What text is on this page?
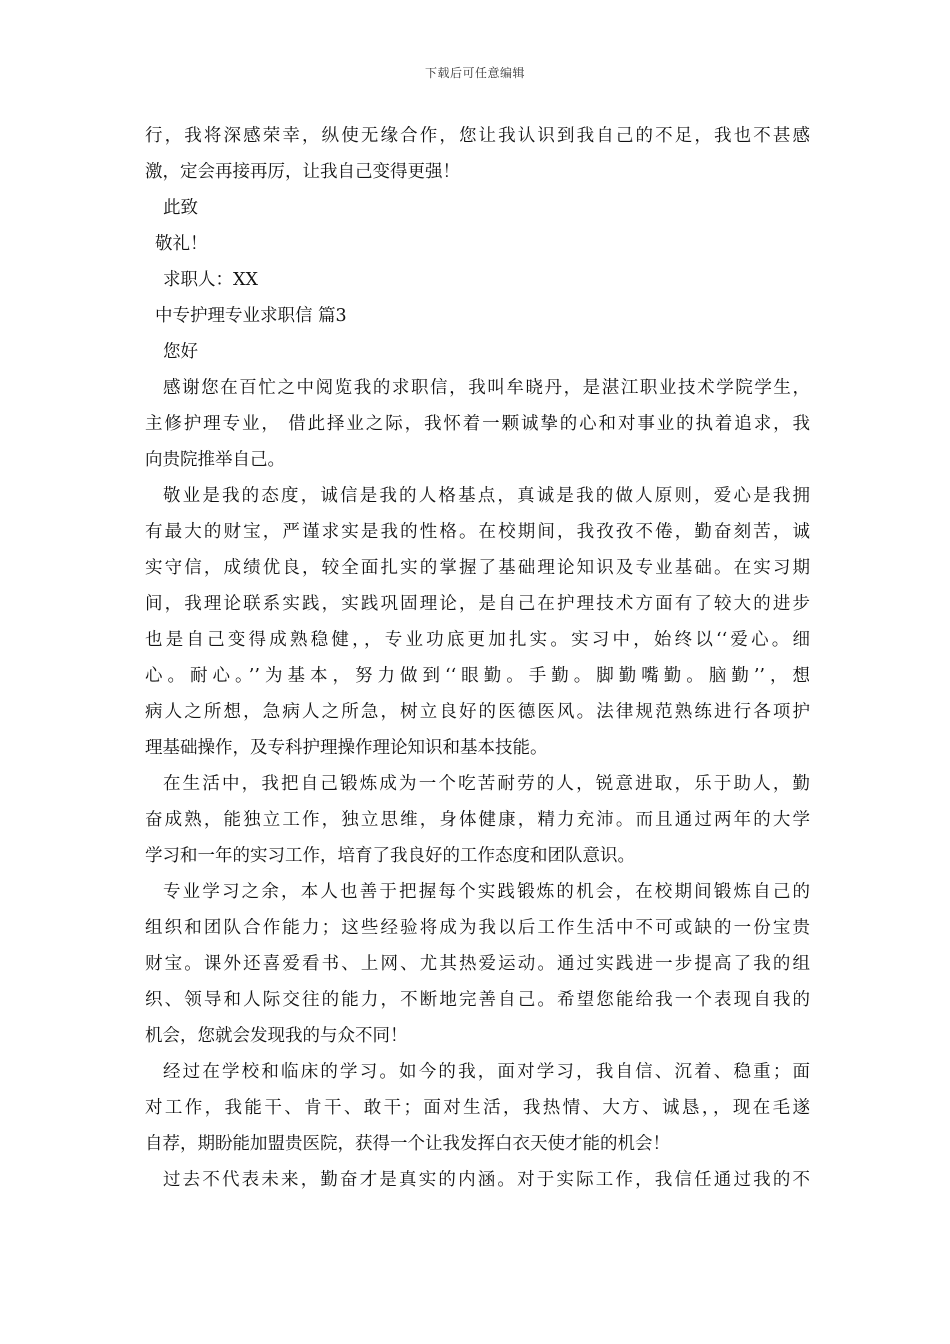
下载后可任意编辑
行，我将深感荣幸，纵使无缘合作，您让我认识到我自己的不足，我也不甚感
激，定会再接再厉，让我自己变得更强！
此致
敬礼！
求职人：XX
中专护理专业求职信 篇3
您好
感谢您在百忙之中阅览我的求职信，我叫牟晓丹，是湛江职业技术学院学生，
主修护理专业， 借此择业之际，我怀着一颗诚挚的心和对事业的执着追求，我
向贵院推举自己。
敬业是我的态度，诚信是我的人格基点，真诚是我的做人原则，爱心是我拥
有最大的财宝，严谨求实是我的性格。在校期间，我孜孜不倦，勤奋刻苦，诚
实守信，成绩优良，较全面扎实的掌握了基础理论知识及专业基础。在实习期
间，我理论联系实践，实践巩固理论，是自己在护理技术方面有了较大的进步
也是自己变得成熟稳健，，专业功底更加扎实。实习中，始终以‘‘爱心。细
心。耐心。’’为基本，努力做到‘‘眼勤。手勤。脚勤嘴勤。脑勤’’，想
病人之所想，急病人之所急，树立良好的医德医风。法律规范熟练进行各项护
理基础操作，及专科护理操作理论知识和基本技能。
在生活中，我把自己锻炼成为一个吃苦耐劳的人，锐意进取，乐于助人，勤
奋成熟，能独立工作，独立思维，身体健康，精力充沛。而且通过两年的大学
学习和一年的实习工作，培育了我良好的工作态度和团队意识。
专业学习之余，本人也善于把握每个实践锻炼的机会，在校期间锻炼自己的
组织和团队合作能力；这些经验将成为我以后工作生活中不可或缺的一份宝贵
财宝。课外还喜爱看书、上网、尤其热爱运动。通过实践进一步提高了我的组
织、领导和人际交往的能力，不断地完善自己。希望您能给我一个表现自我的
机会，您就会发现我的与众不同！
经过在学校和临床的学习。如今的我，面对学习，我自信、沉着、稳重；面
对工作，我能干、肯干、敢干；面对生活，我热情、大方、诚恳，，现在毛遂
自荐，期盼能加盟贵医院，获得一个让我发挥白衣天使才能的机会！
过去不代表未来，勤奋才是真实的内涵。对于实际工作，我信任通过我的不
